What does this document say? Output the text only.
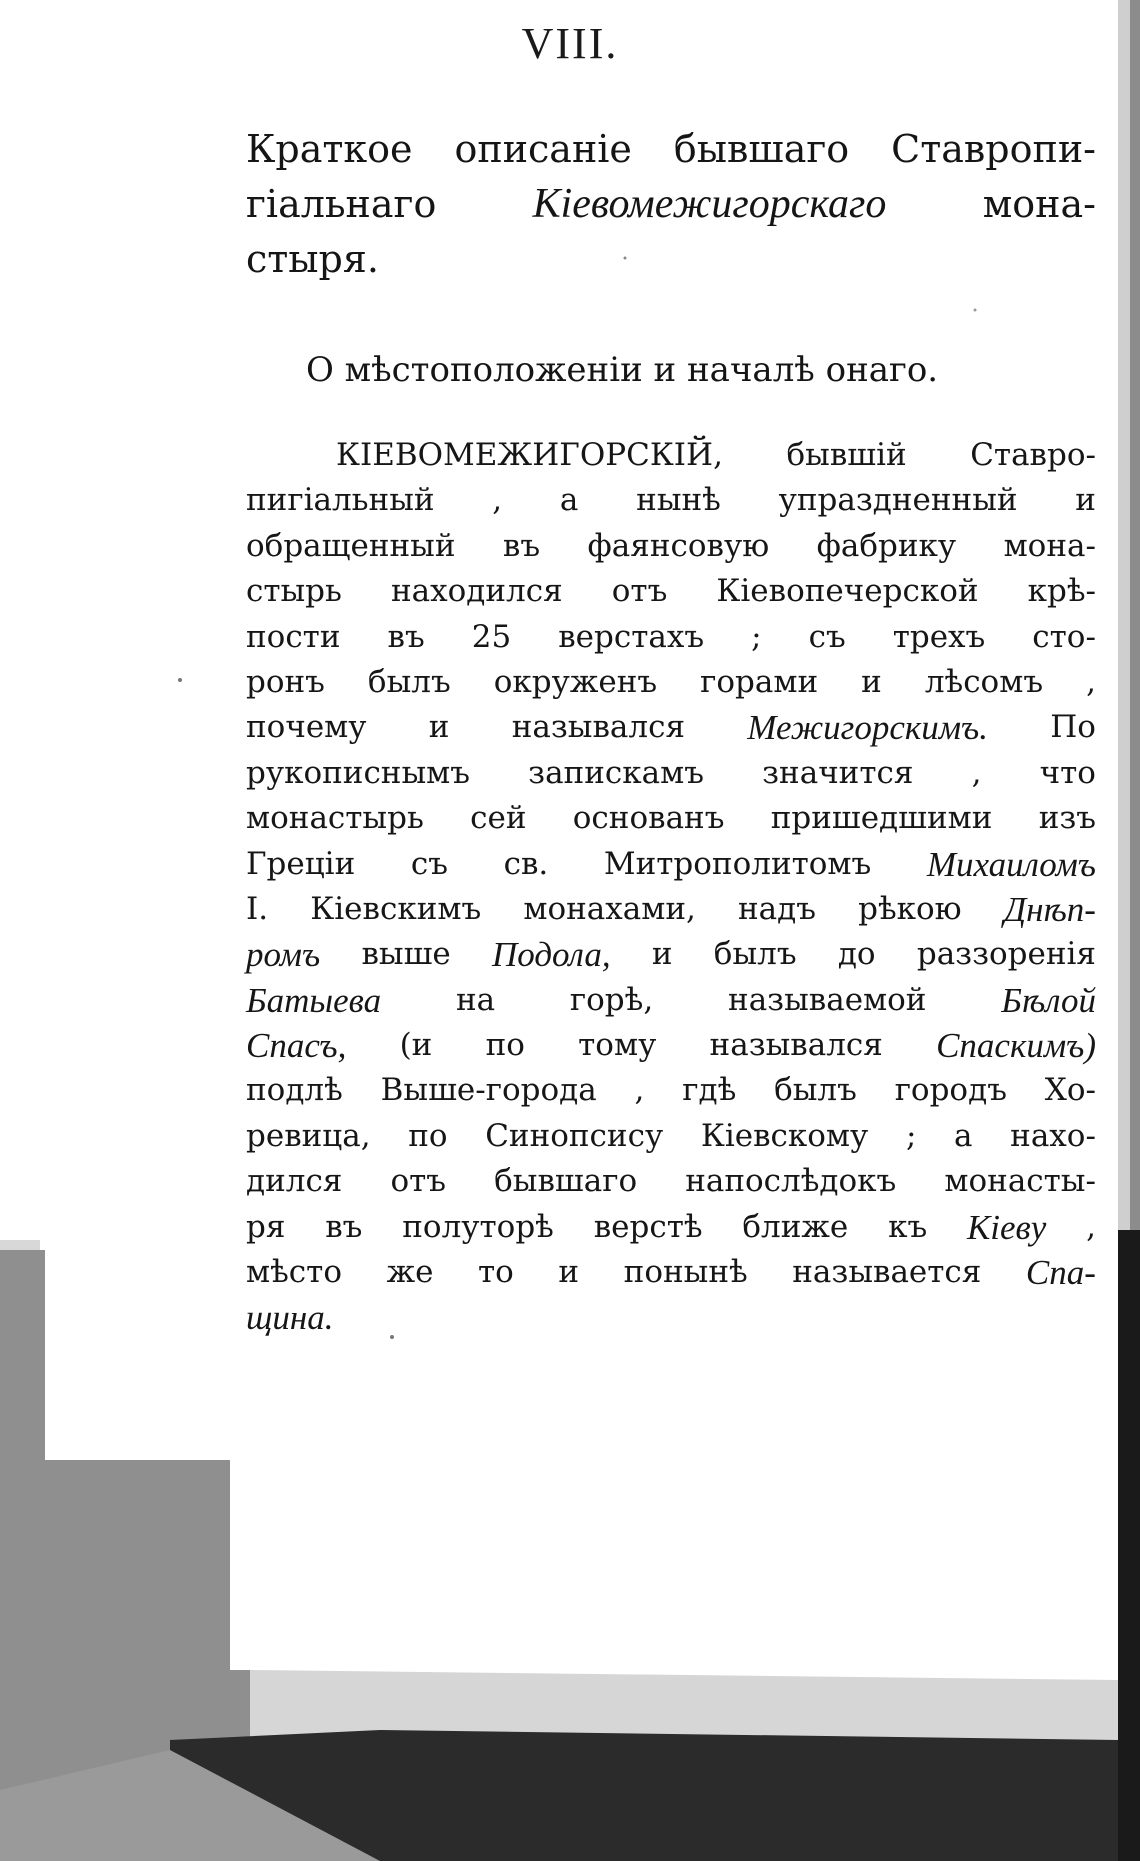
VIII.
Краткое описанiе бывшаго Ставропи-
гiальнаго Кiевомежигорскаго	мона-
стыря.
О мѣстоположенiи и началѣ онаго.
КIЕВОМЕЖИГОРСКIЙ, бывшiй Ставро-
пигiальный , а нынѣ упраздненный и
обращенный въ фаянсовую фабрику мона-
стырь находился отъ Кiевопечерской крѣ-
пости въ 25 верстахъ ; съ трехъ сто-
ронъ былъ окруженъ горами и лѣсомъ ,
почему и назывался Межигорскимъ. По
рукописнымъ запискамъ значится , что
монастырь сей основанъ пришедшими изъ
Грецiи съ св. Митрополитомъ Михаиломъ
I. Кiевскимъ монахами, надъ рѣкою Днѣп-
ромъ выше Подола, и былъ до раззоренiя
Батыева на горѣ, называемой Бѣлой
Спасъ, (и по тому назывался Спаскимъ)
подлѣ Выше-города , гдѣ былъ городъ Хо-
ревица, по Синопсису Кiевскому ; а нахо-
дился отъ бывшаго напослѣдокъ монасты-
ря въ полуторѣ верстѣ ближе къ Кiеву ,
мѣсто же то и понынѣ называется Спа-
щина.
